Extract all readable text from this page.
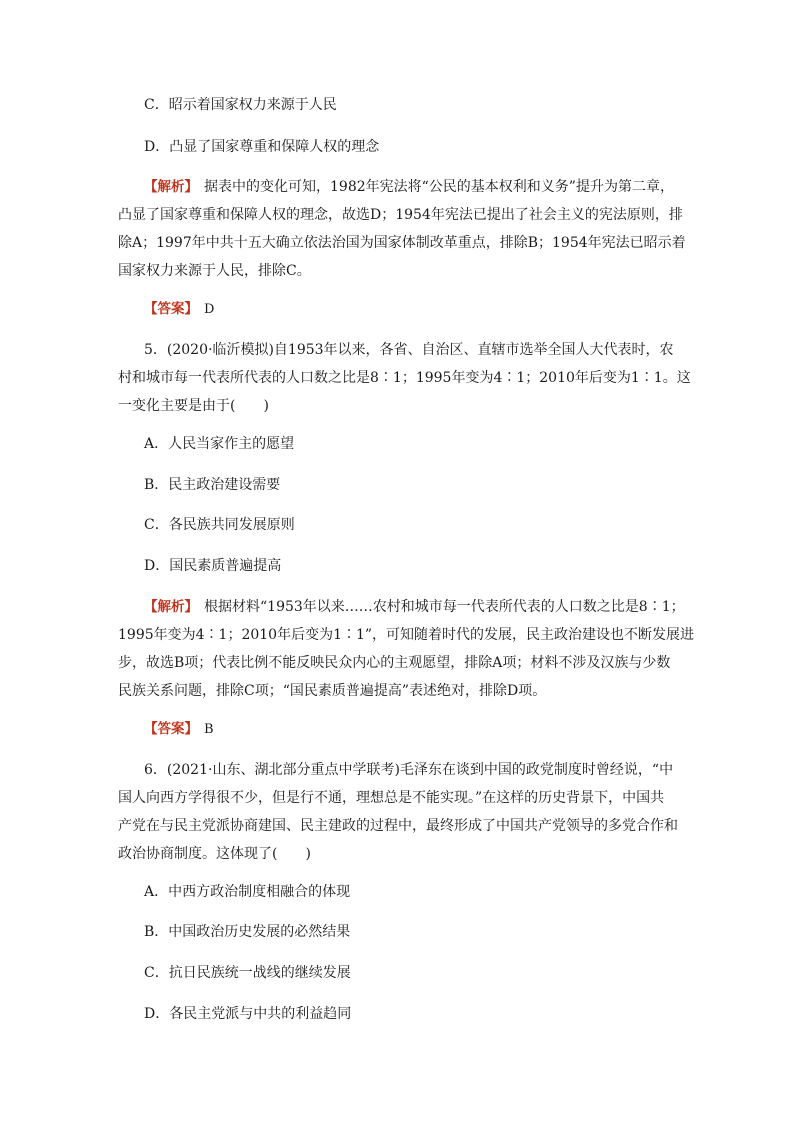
C．昭示着国家权力来源于人民
D．凸显了国家尊重和保障人权的理念
【解析】 据表中的变化可知，1982年宪法将“公民的基本权利和义务”提升为第二章，
凸显了国家尊重和保障人权的理念，故选D；1954年宪法已提出了社会主义的宪法原则，排
除A；1997年中共十五大确立依法治国为国家体制改革重点，排除B；1954年宪法已昭示着
国家权力来源于人民，排除C。
【答案】 D
5．(2020·临沂模拟)自1953年以来，各省、自治区、直辖市选举全国人大代表时，农
村和城市每一代表所代表的人口数之比是8∶1；1995年变为4∶1；2010年后变为1∶1。这
一变化主要是由于(　　)
A．人民当家作主的愿望
B．民主政治建设需要
C．各民族共同发展原则
D．国民素质普遍提高
【解析】 根据材料“1953年以来……农村和城市每一代表所代表的人口数之比是8∶1；
1995年变为4∶1；2010年后变为1∶1”，可知随着时代的发展，民主政治建设也不断发展进
步，故选B项；代表比例不能反映民众内心的主观愿望，排除A项；材料不涉及汉族与少数
民族关系问题，排除C项；“国民素质普遍提高”表述绝对，排除D项。
【答案】 B
6．(2021·山东、湖北部分重点中学联考)毛泽东在谈到中国的政党制度时曾经说，“中
国人向西方学得很不少，但是行不通，理想总是不能实现。”在这样的历史背景下，中国共
产党在与民主党派协商建国、民主建政的过程中，最终形成了中国共产党领导的多党合作和
政治协商制度。这体现了(　　)
A．中西方政治制度相融合的体现
B．中国政治历史发展的必然结果
C．抗日民族统一战线的继续发展
D．各民主党派与中共的利益趋同
